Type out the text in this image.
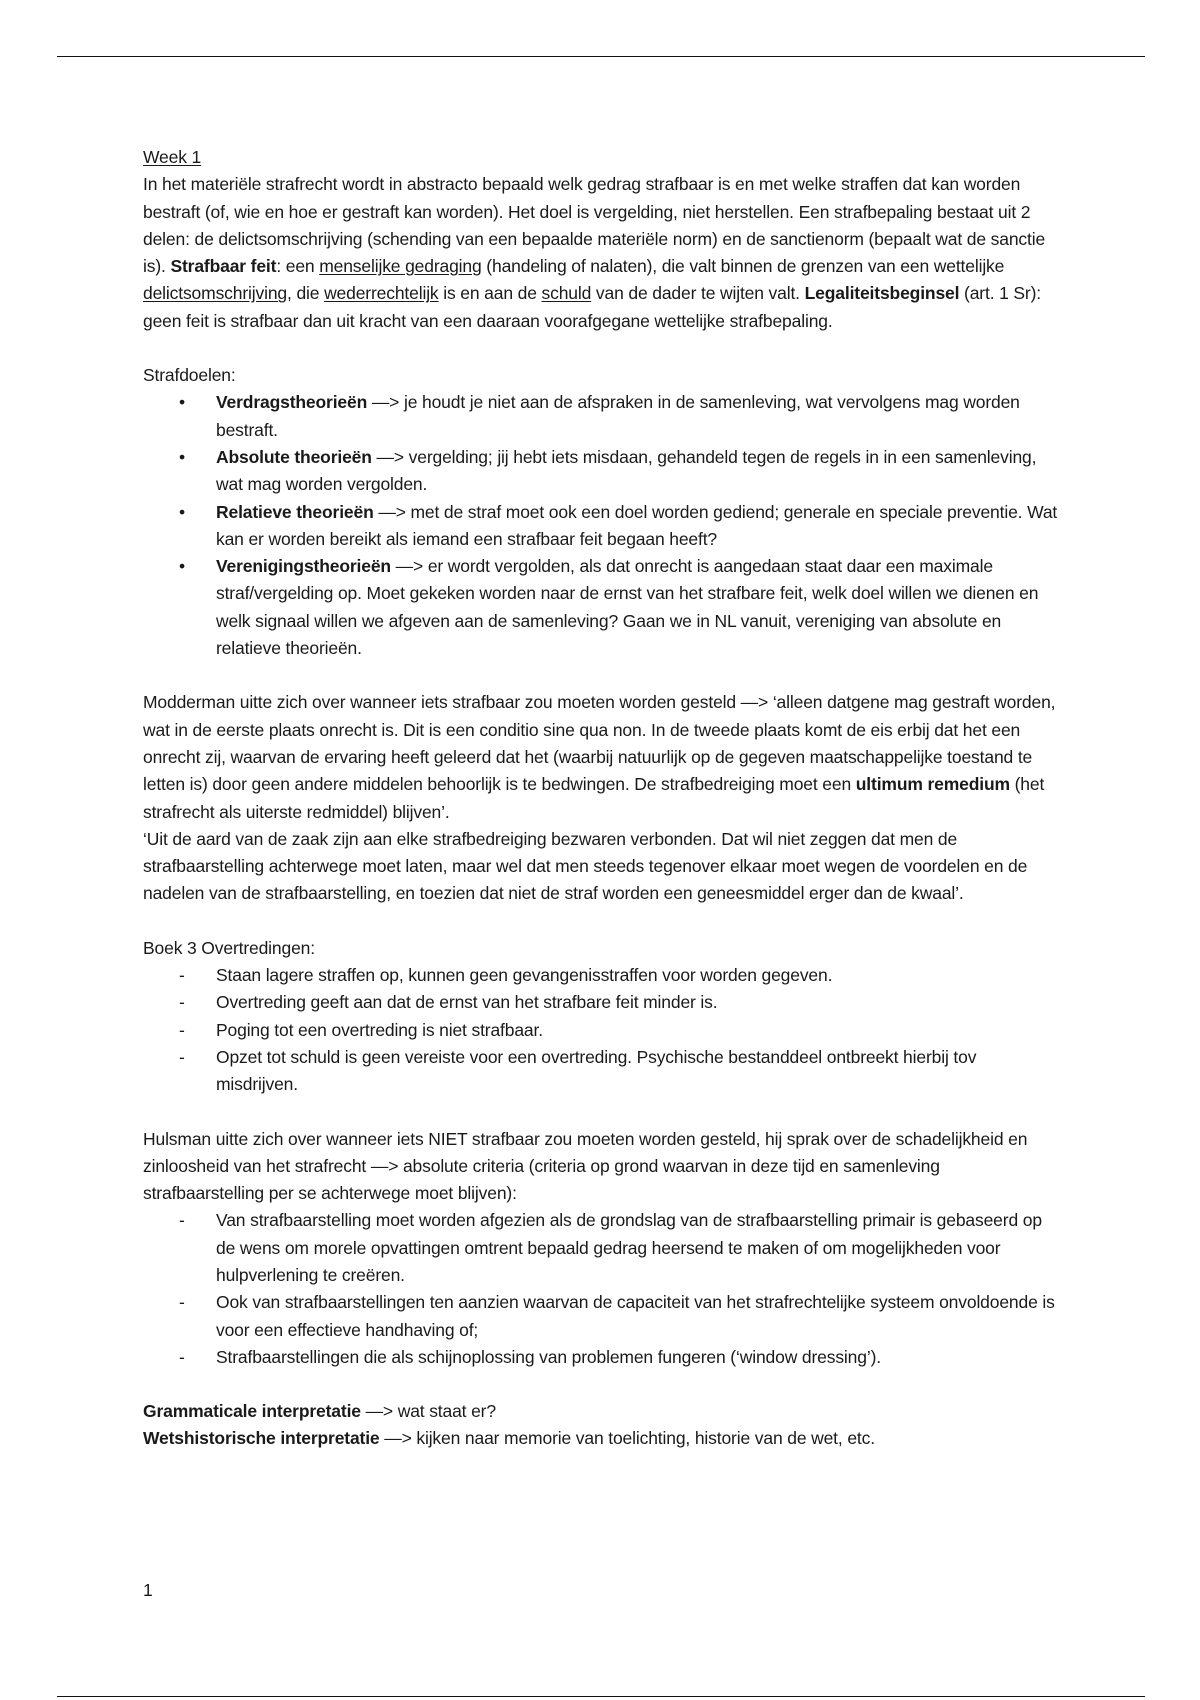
Week 1

In het materiële strafrecht wordt in abstracto bepaald welk gedrag strafbaar is en met welke straffen dat kan worden bestraft (of, wie en hoe er gestraft kan worden). Het doel is vergelding, niet herstellen. Een strafbepaling bestaat uit 2 delen: de delictsomschrijving (schending van een bepaalde materiële norm) en de sanctienorm (bepaalt wat de sanctie is). Strafbaar feit: een menselijke gedraging (handeling of nalaten), die valt binnen de grenzen van een wettelijke delictsomschrijving, die wederrechtelijk is en aan de schuld van de dader te wijten valt. Legaliteitsbeginsel (art. 1 Sr): geen feit is strafbaar dan uit kracht van een daaraan voorafgegane wettelijke strafbepaling.

Strafdoelen:

• Verdragstheorieën —> je houdt je niet aan de afspraken in de samenleving, wat vervolgens mag worden bestraft.
• Absolute theorieën —> vergelding; jij hebt iets misdaan, gehandeld tegen de regels in in een samenleving, wat mag worden vergolden.
• Relatieve theorieën —> met de straf moet ook een doel worden gediend; generale en speciale preventie. Wat kan er worden bereikt als iemand een strafbaar feit begaan heeft?
• Verenigingstheorieën —> er wordt vergolden, als dat onrecht is aangedaan staat daar een maximale straf/vergelding op. Moet gekeken worden naar de ernst van het strafbare feit, welk doel willen we dienen en welk signaal willen we afgeven aan de samenleving? Gaan we in NL vanuit, vereniging van absolute en relatieve theorieën.

Modderman uitte zich over wanneer iets strafbaar zou moeten worden gesteld —> ‘alleen datgene mag gestraft worden, wat in de eerste plaats onrecht is. Dit is een conditio sine qua non. In de tweede plaats komt de eis erbij dat het een onrecht zij, waarvan de ervaring heeft geleerd dat het (waarbij natuurlijk op de gegeven maatschappelijke toestand te letten is) door geen andere middelen behoorlijk is te bedwingen. De strafbedreiging moet een ultimum remedium (het strafrecht als uiterste redmiddel) blijven’.

‘Uit de aard van de zaak zijn aan elke strafbedreiging bezwaren verbonden. Dat wil niet zeggen dat men de strafbaarstelling achterwege moet laten, maar wel dat men steeds tegenover elkaar moet wegen de voordelen en de nadelen van de strafbaarstelling, en toezien dat niet de straf worden een geneesmiddel erger dan de kwaal’.

Boek 3 Overtredingen:

- Staan lagere straffen op, kunnen geen gevangenisstraffen voor worden gegeven.
- Overtreding geeft aan dat de ernst van het strafbare feit minder is.
- Poging tot een overtreding is niet strafbaar.
- Opzet tot schuld is geen vereiste voor een overtreding. Psychische bestanddeel ontbreekt hierbij tov misdrijven.

Hulsman uitte zich over wanneer iets NIET strafbaar zou moeten worden gesteld, hij sprak over de schadelijkheid en zinloosheid van het strafrecht —> absolute criteria (criteria op grond waarvan in deze tijd en samenleving strafbaarstelling per se achterwege moet blijven):

- Van strafbaarstelling moet worden afgezien als de grondslag van de strafbaarstelling primair is gebaseerd op de wens om morele opvattingen omtrent bepaald gedrag heersend te maken of om mogelijkheden voor hulpverlening te creëren.
- Ook van strafbaarstellingen ten aanzien waarvan de capaciteit van het strafrechtelijke systeem onvoldoende is voor een effectieve handhaving of;
- Strafbaarstellingen die als schijnoplossing van problemen fungeren (‘window dressing’).

Grammaticale interpretatie —> wat staat er?

Wetshistorische interpretatie —> kijken naar memorie van toelichting, historie van de wet, etc.

1
